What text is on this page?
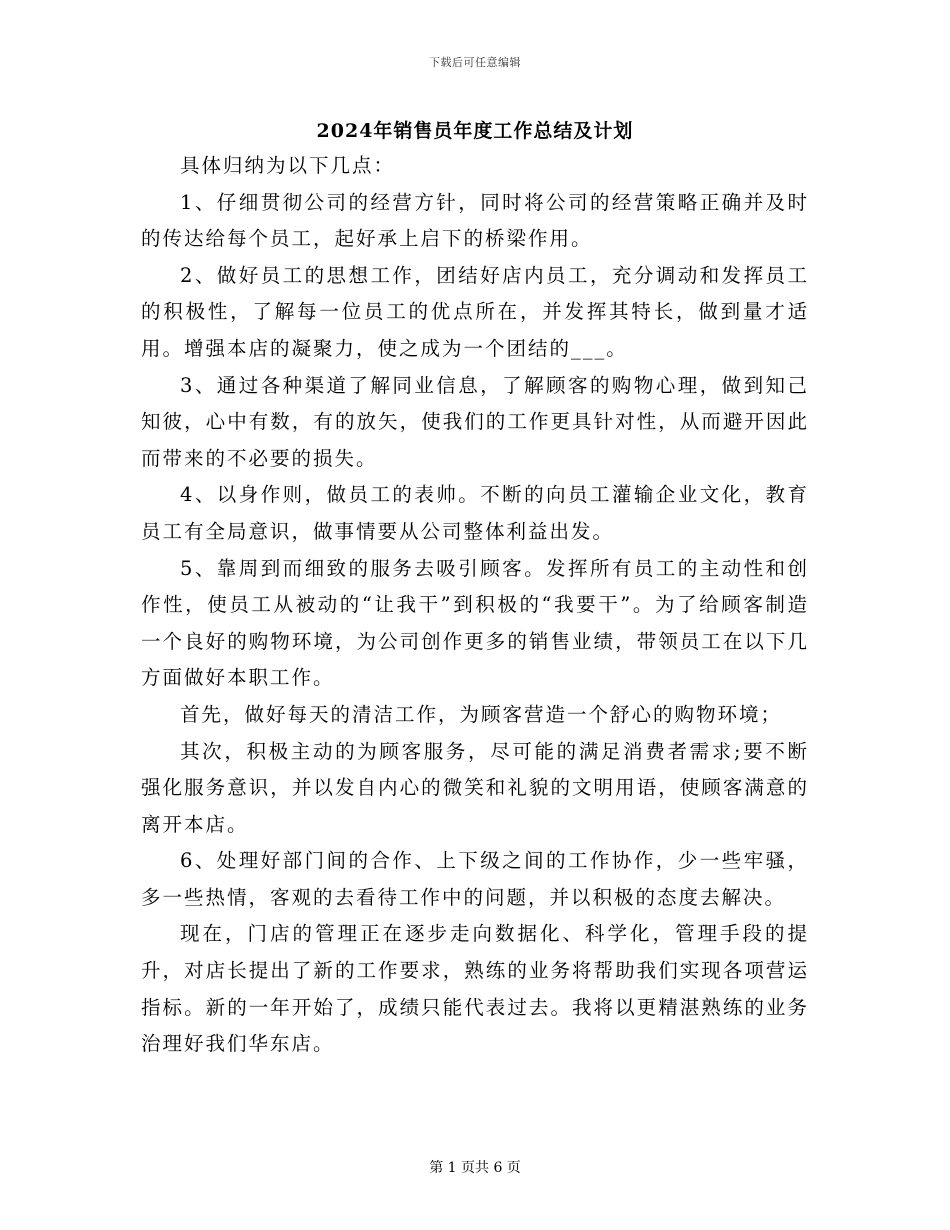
下载后可任意编辑
2024年销售员年度工作总结及计划

具体归纳为以下几点：

1、仔细贯彻公司的经营方针，同时将公司的经营策略正确并及时的传达给每个员工，起好承上启下的桥梁作用。

2、做好员工的思想工作，团结好店内员工，充分调动和发挥员工的积极性，了解每一位员工的优点所在，并发挥其特长，做到量才适用。增强本店的凝聚力，使之成为一个团结的___。

3、通过各种渠道了解同业信息，了解顾客的购物心理，做到知己知彼，心中有数，有的放矢，使我们的工作更具针对性，从而避开因此而带来的不必要的损失。

4、以身作则，做员工的表帅。不断的向员工灌输企业文化，教育员工有全局意识，做事情要从公司整体利益出发。

5、靠周到而细致的服务去吸引顾客。发挥所有员工的主动性和创作性，使员工从被动的“让我干”到积极的“我要干”。为了给顾客制造一个良好的购物环境，为公司创作更多的销售业绩，带领员工在以下几方面做好本职工作。

首先，做好每天的清洁工作，为顾客营造一个舒心的购物环境；

其次，积极主动的为顾客服务，尽可能的满足消费者需求;要不断强化服务意识，并以发自内心的微笑和礼貌的文明用语，使顾客满意的离开本店。

6、处理好部门间的合作、上下级之间的工作协作，少一些牢骚，多一些热情，客观的去看待工作中的问题，并以积极的态度去解决。

现在，门店的管理正在逐步走向数据化、科学化，管理手段的提升，对店长提出了新的工作要求，熟练的业务将帮助我们实现各项营运指标。新的一年开始了，成绩只能代表过去。我将以更精湛熟练的业务治理好我们华东店。

第 1 页共 6 页
